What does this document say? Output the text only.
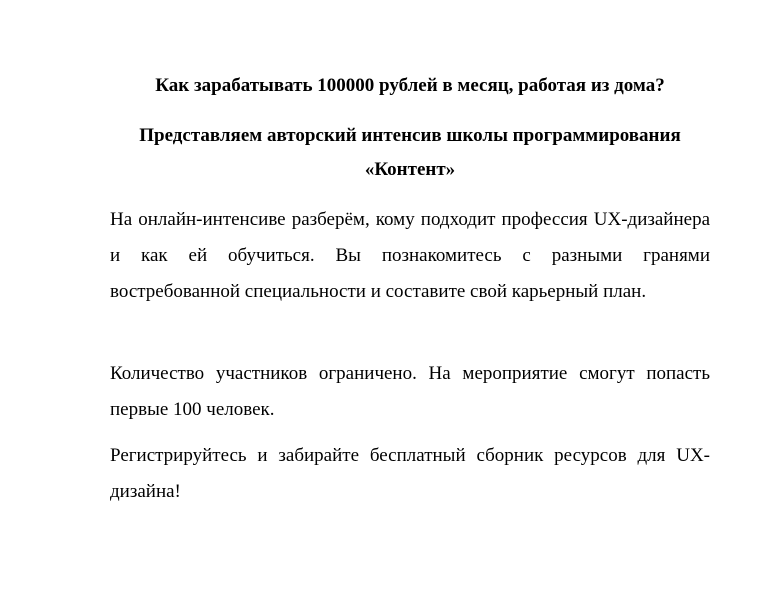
Как зарабатывать 100000 рублей в месяц, работая из дома?
Представляем авторский интенсив школы программирования
«Контент»

На онлайн-интенсиве разберём, кому подходит профессия UX-дизайнера и как ей обучиться. Вы познакомитесь с разными гранями востребованной специальности и составите свой карьерный план.

Количество участников ограничено. На мероприятие смогут попасть первые 100 человек.

Регистрируйтесь и забирайте бесплатный сборник ресурсов для UX-дизайна!
